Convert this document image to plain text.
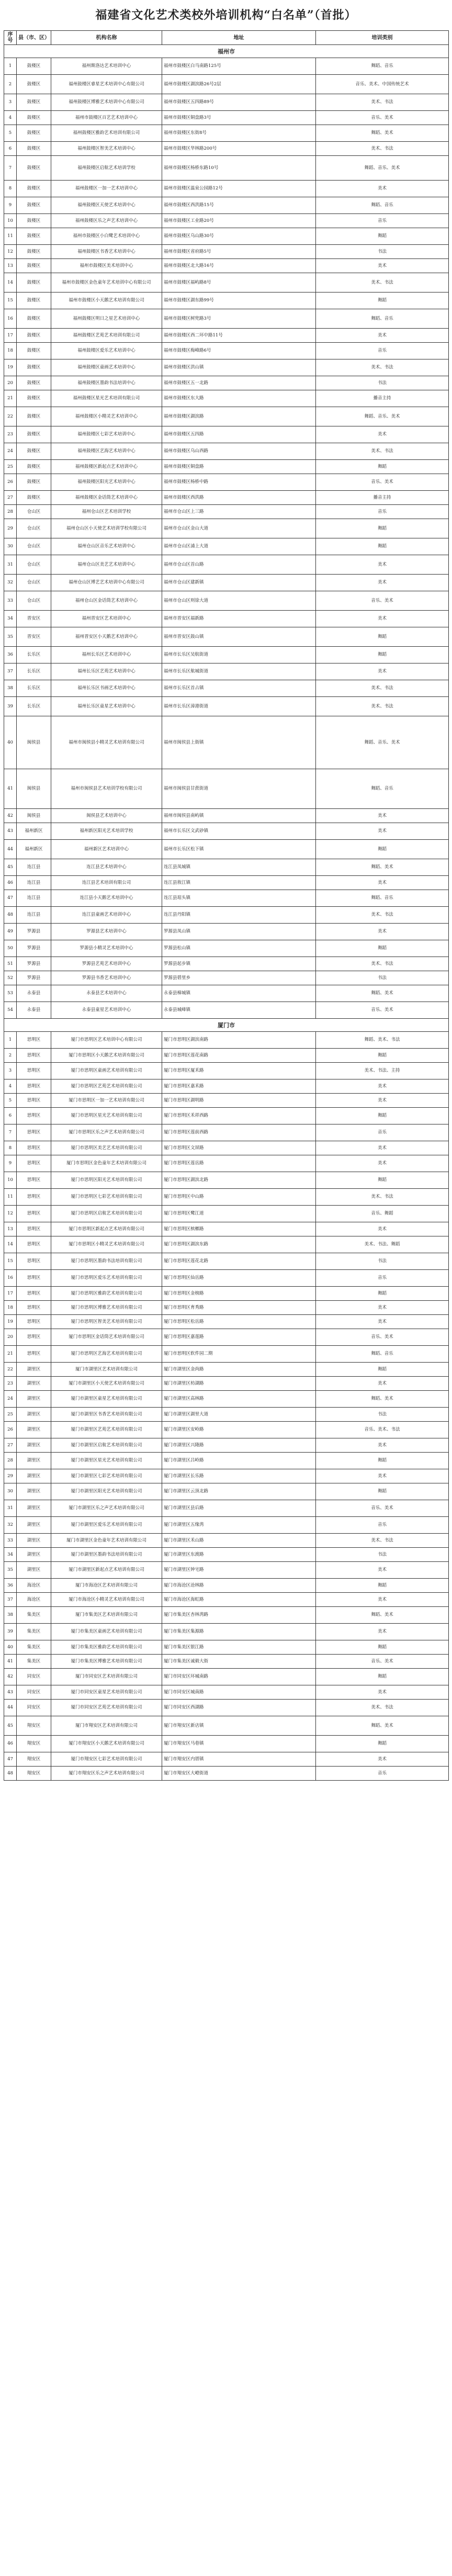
福建省文化艺术类校外培训机构“白名单”（首批）
序号	县（市、区）	机构名称	地址	培训类别
福州市				
1	鼓楼区	福州斯洛达艺术培训中心	福州市鼓楼区白马南路125号	舞蹈、音乐
2	鼓楼区	福州鼓楼区睿星艺术培训中心有限公司	福州市鼓楼区湖滨路26号2层	音乐、美术、中国传统艺术
3	鼓楼区	福州鼓楼区博雅艺术培训中心有限公司	福州市鼓楼区五四路89号	美术、书法
4	鼓楼区	福州市鼓楼区百艺艺术培训中心	福州市鼓楼区铜盘路3号	音乐、美术
5	鼓楼区	福州鼓楼区雅韵艺术培训有限公司	福州市鼓楼区东街8号	舞蹈、美术
6	鼓楼区	福州鼓楼区智美艺术培训中心	福州市鼓楼区华林路200号	美术、书法
7	鼓楼区	福州鼓楼区启航艺术培训学校	福州市鼓楼区杨桥东路10号	舞蹈、音乐、美术
8	鼓楼区	福州鼓楼区一加一艺术培训中心	福州市鼓楼区温泉公园路12号	美术
9	鼓楼区	福州鼓楼区天使艺术培训中心	福州市鼓楼区西洪路15号	舞蹈、音乐
10	鼓楼区	福州鼓楼区乐之声艺术培训中心	福州市鼓楼区工业路20号	音乐
11	鼓楼区	福州市鼓楼区小白鹭艺术培训中心	福州市鼓楼区乌山路30号	舞蹈
12	鼓楼区	福州鼓楼区书香艺术培训中心	福州市鼓楼区省府路5号	书法
13	鼓楼区	福州市鼓楼区美术培训中心	福州市鼓楼区北大路16号	美术
14	鼓楼区	福州市鼓楼区金色童年艺术培训中心有限公司	福州市鼓楼区福屿路8号	美术、书法
15	鼓楼区	福州市鼓楼区小天鹅艺术培训有限公司	福州市鼓楼区湖东路99号	舞蹈
16	鼓楼区	福州鼓楼区明日之星艺术培训中心	福州市鼓楼区树兜路3号	舞蹈、音乐
17	鼓楼区	福州鼓楼区艺苑艺术培训有限公司	福州市鼓楼区西二环中路11号	美术
18	鼓楼区	福州鼓楼区爱乐艺术培训中心	福州市鼓楼区梅峰路6号	音乐
19	鼓楼区	福州鼓楼区童画艺术培训中心	福州市鼓楼区洪山镇	美术、书法
20	鼓楼区	福州鼓楼区墨韵书法培训中心	福州市鼓楼区五一北路	书法
21	鼓楼区	福州鼓楼区星光艺术培训有限公司	福州市鼓楼区东大路	播音主持
22	鼓楼区	福州鼓楼区小精灵艺术培训中心	福州市鼓楼区湖滨路	舞蹈、音乐、美术
23	鼓楼区	福州鼓楼区七彩艺术培训中心	福州市鼓楼区五四路	美术
24	鼓楼区	福州鼓楼区艺海艺术培训中心	福州市鼓楼区乌山西路	美术、书法
25	鼓楼区	福州鼓楼区新起点艺术培训中心	福州市鼓楼区铜盘路	舞蹈
26	鼓楼区	福州鼓楼区阳光艺术培训中心	福州市鼓楼区杨桥中路	音乐、美术
27	鼓楼区	福州鼓楼区金话筒艺术培训中心	福州市鼓楼区西洪路	播音主持
28	仓山区	福州仓山区艺术培训学校	福州市仓山区上三路	音乐
29	仓山区	福州仓山区小天使艺术培训学校有限公司	福州市仓山区金山大道	舞蹈
30	仓山区	福州仓山区音乐艺术培训中心	福州市仓山区浦上大道	舞蹈
31	仓山区	福州仓山区美艺艺术培训中心	福州市仓山区首山路	美术
32	仓山区	福州仓山区博艺艺术培训中心有限公司	福州市仓山区建新镇	美术
33	仓山区	福州仓山区金话筒艺术培训中心	福州市仓山区则徐大道	音乐、美术
34	晋安区	福州晋安区艺术培训中心	福州市晋安区福新路	美术
35	晋安区	福州晋安区小天鹅艺术培训中心	福州市晋安区鼓山镇	舞蹈
36	长乐区	福州长乐区艺术培训中心	福州市长乐区吴航街道	舞蹈
37	长乐区	福州长乐区艺苑艺术培训中心	福州市长乐区航城街道	美术
38	长乐区	福州长乐区书画艺术培训中心	福州市长乐区首占镇	美术、书法
39	长乐区	福州长乐区童星艺术培训中心	福州市长乐区漳港街道	美术、书法
40	闽侯县	福州市闽侯县小精灵艺术培训有限公司	福州市闽侯县上街镇	舞蹈、音乐、美术
41	闽侯县	福州市闽侯县艺术培训学校有限公司	福州市闽侯县甘蔗街道	舞蹈、音乐
42	闽侯县	闽侯县艺术培训中心	福州市闽侯县南屿镇	美术
43	福州新区	福州新区阳光艺术培训学校	福州市长乐区文武砂镇	美术
44	福州新区	福州新区艺术培训中心	福州市长乐区松下镇	舞蹈
45	连江县	连江县艺术培训中心	连江县凤城镇	舞蹈、美术
46	连江县	连江县艺术培训有限公司	连江县敖江镇	美术
47	连江县	连江县小天鹅艺术培训中心	连江县琯头镇	舞蹈、音乐
48	连江县	连江县童画艺术培训中心	连江县丹阳镇	美术、书法
49	罗源县	罗源县艺术培训中心	罗源县凤山镇	美术
50	罗源县	罗源县小精灵艺术培训中心	罗源县松山镇	舞蹈
51	罗源县	罗源县艺苑艺术培训中心	罗源县起步镇	美术、书法
52	罗源县	罗源县书香艺术培训中心	罗源县碧里乡	书法
53	永泰县	永泰县艺术培训中心	永泰县樟城镇	舞蹈、美术
54	永泰县	永泰县童星艺术培训中心	永泰县城峰镇	音乐、美术
厦门市				
1	思明区	厦门市思明区艺术培训中心有限公司	厦门市思明区湖滨南路	舞蹈、美术、书法
2	思明区	厦门市思明区小天鹅艺术培训有限公司	厦门市思明区莲花南路	舞蹈
3	思明区	厦门市思明区童画艺术培训有限公司	厦门市思明区厦禾路	美术、书法、主持
4	思明区	厦门市思明区艺苑艺术培训有限公司	厦门市思明区嘉禾路	美术
5	思明区	厦门市思明区一加一艺术培训有限公司	厦门市思明区湖明路	美术
6	思明区	厦门市思明区星光艺术培训有限公司	厦门市思明区禾祥西路	舞蹈
7	思明区	厦门市思明区乐之声艺术培训有限公司	厦门市思明区莲前西路	音乐
8	思明区	厦门市思明区美艺艺术培训有限公司	厦门市思明区文屏路	美术
9	思明区	厦门市思明区金色童年艺术培训有限公司	厦门市思明区莲岳路	美术
10	思明区	厦门市思明区阳光艺术培训有限公司	厦门市思明区湖滨北路	舞蹈
11	思明区	厦门市思明区七彩艺术培训有限公司	厦门市思明区中山路	美术、书法
12	思明区	厦门市思明区启航艺术培训有限公司	厦门市思明区鹭江道	音乐、舞蹈
13	思明区	厦门市思明区新起点艺术培训有限公司	厦门市思明区槟榔路	美术
14	思明区	厦门市思明区小精灵艺术培训有限公司	厦门市思明区湖滨东路	美术、书法、舞蹈
15	思明区	厦门市思明区墨韵书法培训有限公司	厦门市思明区莲花北路	书法
16	思明区	厦门市思明区爱乐艺术培训有限公司	厦门市思明区仙岳路	音乐
17	思明区	厦门市思明区雅韵艺术培训有限公司	厦门市思明区金榜路	舞蹈
18	思明区	厦门市思明区博雅艺术培训有限公司	厦门市思明区育秀路	美术
19	思明区	厦门市思明区智美艺术培训有限公司	厦门市思明区松岳路	美术
20	思明区	厦门市思明区金话筒艺术培训有限公司	厦门市思明区嘉莲路	音乐、美术
21	思明区	厦门市思明区艺海艺术培训有限公司	厦门市思明区软件园二期	舞蹈、音乐
22	湖里区	厦门市湖里区艺术培训有限公司	厦门市湖里区金尚路	舞蹈
23	湖里区	厦门市湖里区小天使艺术培训有限公司	厦门市湖里区枋湖路	美术
24	湖里区	厦门市湖里区童星艺术培训有限公司	厦门市湖里区高林路	舞蹈、美术
25	湖里区	厦门市湖里区书香艺术培训有限公司	厦门市湖里区湖里大道	书法
26	湖里区	厦门市湖里区艺苑艺术培训有限公司	厦门市湖里区安岭路	音乐、美术、书法
27	湖里区	厦门市湖里区启航艺术培训有限公司	厦门市湖里区兴隆路	美术
28	湖里区	厦门市湖里区星光艺术培训有限公司	厦门市湖里区吕岭路	舞蹈
29	湖里区	厦门市湖里区七彩艺术培训有限公司	厦门市湖里区长乐路	美术
30	湖里区	厦门市湖里区阳光艺术培训有限公司	厦门市湖里区云顶北路	舞蹈
31	湖里区	厦门市湖里区乐之声艺术培训有限公司	厦门市湖里区县后路	音乐、美术
32	湖里区	厦门市湖里区爱乐艺术培训有限公司	厦门市湖里区五缘湾	音乐
33	湖里区	厦门市湖里区金色童年艺术培训有限公司	厦门市湖里区禾山路	美术、书法
34	湖里区	厦门市湖里区墨韵书法培训有限公司	厦门市湖里区东渡路	书法
35	湖里区	厦门市湖里区新起点艺术培训有限公司	厦门市湖里区钟宅路	美术
36	海沧区	厦门市海沧区艺术培训有限公司	厦门市海沧区沧林路	舞蹈
37	海沧区	厦门市海沧区小精灵艺术培训有限公司	厦门市海沧区海虹路	美术
38	集美区	厦门市集美区艺术培训有限公司	厦门市集美区杏林湾路	舞蹈、美术
39	集美区	厦门市集美区童画艺术培训有限公司	厦门市集美区集源路	美术
40	集美区	厦门市集美区雅韵艺术培训有限公司	厦门市集美区银江路	舞蹈
41	集美区	厦门市集美区博雅艺术培训有限公司	厦门市集美区诚毅大街	音乐、美术
42	同安区	厦门市同安区艺术培训有限公司	厦门市同安区环城南路	舞蹈
43	同安区	厦门市同安区童星艺术培训有限公司	厦门市同安区城南路	美术
44	同安区	厦门市同安区艺苑艺术培训有限公司	厦门市同安区西湖路	美术、书法
45	翔安区	厦门市翔安区艺术培训有限公司	厦门市翔安区新店镇	舞蹈、美术
46	翔安区	厦门市翔安区小天鹅艺术培训有限公司	厦门市翔安区马巷镇	舞蹈
47	翔安区	厦门市翔安区七彩艺术培训有限公司	厦门市翔安区内厝镇	美术
48	翔安区	厦门市翔安区乐之声艺术培训有限公司	厦门市翔安区大嶝街道	音乐
